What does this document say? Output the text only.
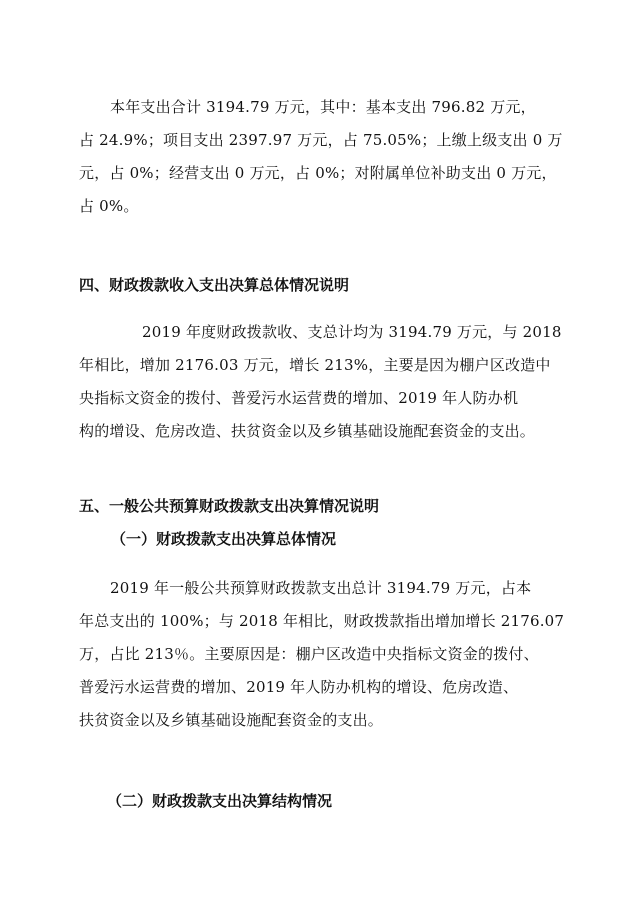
本年支出合计 3194.79 万元，其中：基本支出 796.82 万元，
占 24.9%；项目支出 2397.97 万元，占 75.05%；上缴上级支出 0 万
元，占 0%；经营支出 0 万元，占 0%；对附属单位补助支出 0 万元，
占 0%。
四、财政拨款收入支出决算总体情况说明
2019 年度财政拨款收、支总计均为 3194.79 万元，与 2018
年相比，增加 2176.03 万元，增长 213%，主要是因为棚户区改造中
央指标文资金的拨付、普爱污水运营费的增加、2019 年人防办机
构的增设、危房改造、扶贫资金以及乡镇基础设施配套资金的支出。
五、一般公共预算财政拨款支出决算情况说明
（一）财政拨款支出决算总体情况
2019 年一般公共预算财政拨款支出总计 3194.79 万元，占本
年总支出的 100%；与 2018 年相比，财政拨款指出增加增长 2176.07
万，占比 213％。主要原因是：棚户区改造中央指标文资金的拨付、
普爱污水运营费的增加、2019 年人防办机构的增设、危房改造、
扶贫资金以及乡镇基础设施配套资金的支出。
（二）财政拨款支出决算结构情况
